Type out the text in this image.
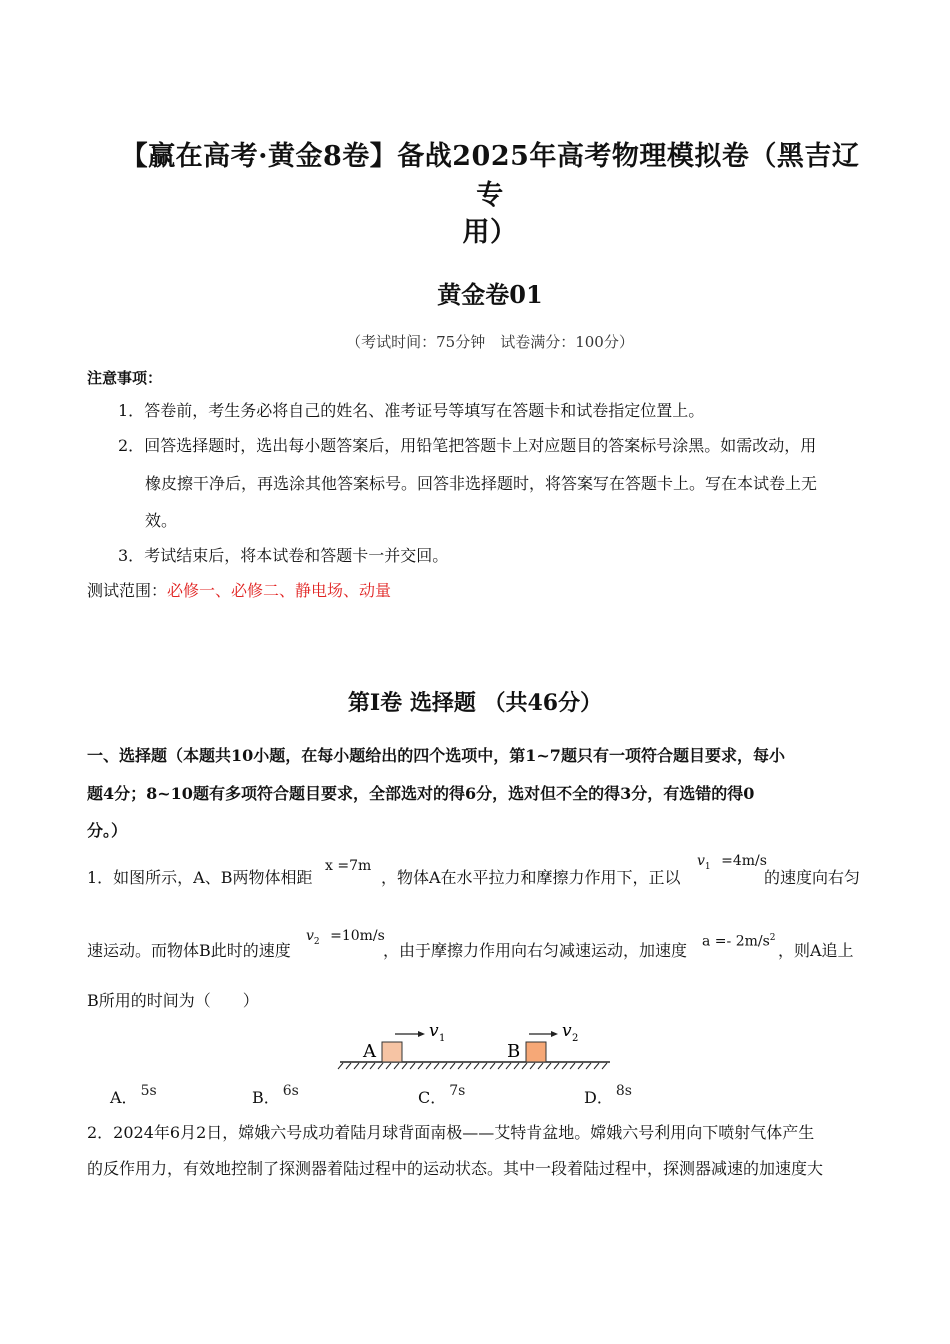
【赢在高考·黄金8卷】备战2025年高考物理模拟卷（黑吉辽专
用）
黄金卷01
（考试时间：75分钟　试卷满分：100分）
注意事项：
1．答卷前，考生务必将自己的姓名、准考证号等填写在答题卡和试卷指定位置上。
2．回答选择题时，选出每小题答案后，用铅笔把答题卡上对应题目的答案标号涂黑。如需改动，用
橡皮擦干净后，再选涂其他答案标号。回答非选择题时，将答案写在答题卡上。写在本试卷上无
效。
3．考试结束后，将本试卷和答题卡一并交回。
测试范围：必修一、必修二、静电场、动量
第Ⅰ卷 选择题 （共46分）
一、选择题（本题共10小题，在每小题给出的四个选项中，第1~7题只有一项符合题目要求，每小
题4分；8~10题有多项符合题目要求，全部选对的得6分，选对但不全的得3分，有选错的得0
分。）
1．如图所示，A、B两物体相距
x =7m
，物体A在水平拉力和摩擦力作用下，正以
$v_1 =4m/s$
的速度向右匀
速运动。而物体B此时的速度
$v_2 =10m/s$
，由于摩擦力作用向右匀减速运动，加速度 $a =- 2m/s^2$
，则A追上
B所用的时间为（　　）
A	B
v 1	v 2
A． 5s	B． 6s	C． 7s	D． 8s
2．2024年6月2日，嫦娥六号成功着陆月球背面南极——艾特肯盆地。嫦娥六号利用向下喷射气体产生
的反作用力，有效地控制了探测器着陆过程中的运动状态。其中一段着陆过程中，探测器减速的加速度大
